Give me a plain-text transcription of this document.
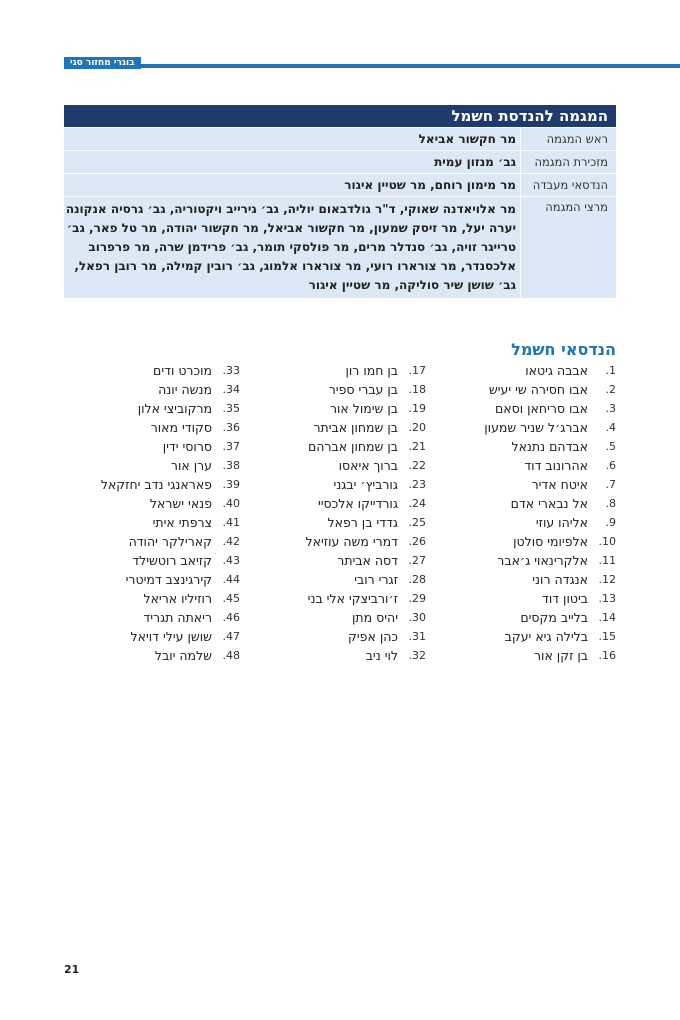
בוגרי מחזור סגי
המגמה להנדסת חשמל
ראש המגמה
מר חקשור אביאל
מזכירת המגמה
גב׳ מנזון עמית
הנדסאי מעבדה
מר מימון רוחם, מר שטיין איגור
מרצי המגמה
מר אלויאדנה שאוקי, ד"ר גולדבאום יוליה, גב׳ גירייב ויקטוריה, גב׳ גרסיה אנקונה יערה יעל, מר זיסק שמעון, מר חקשור אביאל, מר חקשור יהודה, מר טל פאר, גב׳ טרייגר זויה, גב׳ סנדלר מרים, מר פולסקי תומר, גב׳ פרידמן שרה, מר פרפרוב אלכסנדר, מר צורארו רועי, מר צורארו אלמוג, גב׳ רובין קמילה, מר רובן רפאל, גב׳ שושן שיר סוליקה, מר שטיין איגור
הנדסאי חשמל
1.
אבבה גיטאו
2.
אבו חסירה שי יעיש
3.
אבו סריחאן וסאם
4.
אברג׳ל שניר שמעון
5.
אבדהם נתנאל
6.
אהרונוב דוד
7.
איטח אדיר
8.
אל נבארי אדם
9.
אליהו עוזי
10.
אלפיומי סולטן
11.
אלקרינאוי ג׳אבר
12.
אנגדה רוני
13.
ביטון דוד
14.
בלייב מקסים
15.
בלילה גיא יעקב
16.
בן זקן אור
17.
בן חמו רון
18.
בן עברי ספיר
19.
בן שימול אור
20.
בן שמחון אביתר
21.
בן שמחון אברהם
22.
ברוך איאסו
23.
גורביץ׳ יבגני
24.
גורדייקו אלכסיי
25.
גדדי בן רפאל
26.
דמרי משה עוזיאל
27.
דסה אביתר
28.
זגרי רובי
29.
ז׳ורביצקי אלי בני
30.
יהיס מתן
31.
כהן אפיק
32.
לוי ניב
33.
מוכרט ודים
34.
מנשה יונה
35.
מרקוביצי אלון
36.
סקודי מאור
37.
סרוסי ידין
38.
ערן אור
39.
פאראנגי נדב יחזקאל
40.
פנאי ישראל
41.
צרפתי איתי
42.
קארילקר יהודה
43.
קזיאב רוטשילד
44.
קירגינצב דמיטרי
45.
רוזיליו אריאל
46.
ריאתה תגריד
47.
שושן עילי דויאל
48.
שלמה יובל
21
